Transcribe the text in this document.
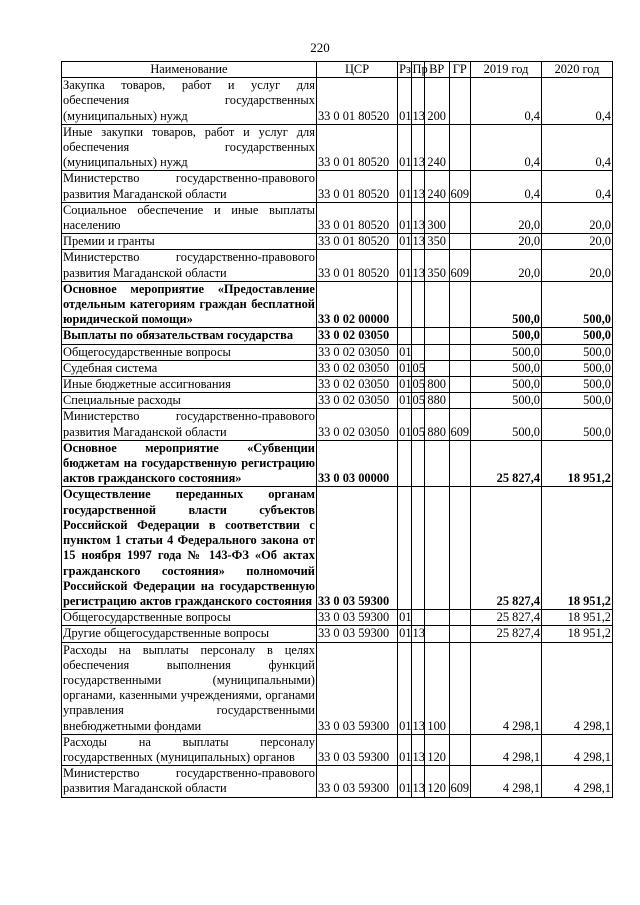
220
Наименование	ЦСР	Рз	Пр	ВР	ГР	2019 год	2020 год
Закупка товаров, работ и услуг для обеспечения государственных (муниципальных) нужд	33 0 01 80520	01	13	200		0,4	0,4
Иные закупки товаров, работ и услуг для обеспечения государственных (муниципальных) нужд	33 0 01 80520	01	13	240		0,4	0,4
Министерство государственно-правового развития Магаданской области	33 0 01 80520	01	13	240	609	0,4	0,4
Социальное обеспечение и иные выплаты населению	33 0 01 80520	01	13	300		20,0	20,0
Премии и гранты	33 0 01 80520	01	13	350		20,0	20,0
Министерство государственно-правового развития Магаданской области	33 0 01 80520	01	13	350	609	20,0	20,0
Основное мероприятие «Предоставление отдельным категориям граждан бесплатной юридической помощи»	33 0 02 00000					500,0	500,0
Выплаты по обязательствам государства	33 0 02 03050					500,0	500,0
Общегосударственные вопросы	33 0 02 03050	01				500,0	500,0
Судебная система	33 0 02 03050	01	05			500,0	500,0
Иные бюджетные ассигнования	33 0 02 03050	01	05	800		500,0	500,0
Специальные расходы	33 0 02 03050	01	05	880		500,0	500,0
Министерство государственно-правового развития Магаданской области	33 0 02 03050	01	05	880	609	500,0	500,0
Основное мероприятие «Субвенции бюджетам на государственную регистрацию актов гражданского состояния»	33 0 03 00000					25 827,4	18 951,2
Осуществление переданных органам государственной власти субъектов Российской Федерации в соответствии с пунктом 1 статьи 4 Федерального закона от 15 ноября 1997 года № 143-ФЗ «Об актах гражданского состояния» полномочий Российской Федерации на государственную регистрацию актов гражданского состояния	33 0 03 59300					25 827,4	18 951,2
Общегосударственные вопросы	33 0 03 59300	01				25 827,4	18 951,2
Другие общегосударственные вопросы	33 0 03 59300	01	13			25 827,4	18 951,2
Расходы на выплаты персоналу в целях обеспечения выполнения функций государственными (муниципальными) органами, казенными учреждениями, органами управления государственными внебюджетными фондами	33 0 03 59300	01	13	100		4 298,1	4 298,1
Расходы на выплаты персоналу государственных (муниципальных) органов	33 0 03 59300	01	13	120		4 298,1	4 298,1
Министерство государственно-правового развития Магаданской области	33 0 03 59300	01	13	120	609	4 298,1	4 298,1
